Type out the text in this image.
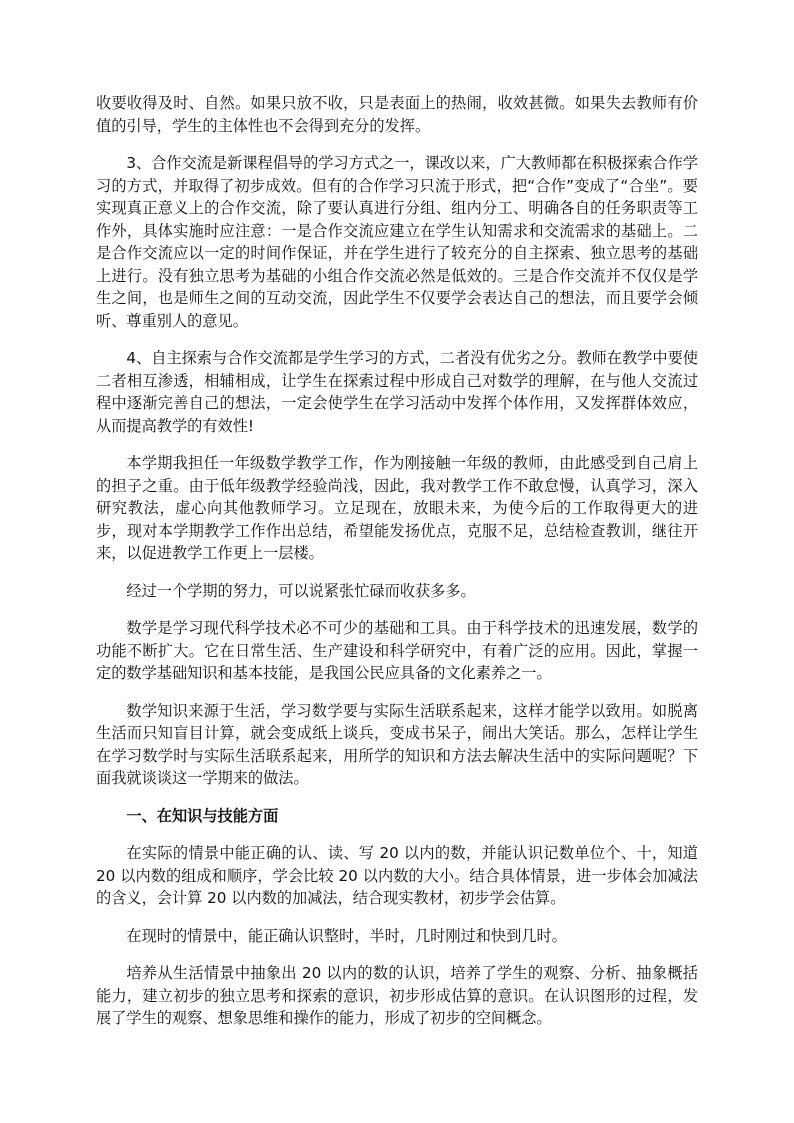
收要收得及时、自然。如果只放不收，只是表面上的热闹，收效甚微。如果失去教师有价值的引导，学生的主体性也不会得到充分的发挥。

3、合作交流是新课程倡导的学习方式之一，课改以来，广大教师都在积极探索合作学习的方式，并取得了初步成效。但有的合作学习只流于形式，把“合作”变成了“合坐”。要实现真正意义上的合作交流，除了要认真进行分组、组内分工、明确各自的任务职责等工作外，具体实施时应注意：一是合作交流应建立在学生认知需求和交流需求的基础上。二是合作交流应以一定的时间作保证，并在学生进行了较充分的自主探索、独立思考的基础上进行。没有独立思考为基础的小组合作交流必然是低效的。三是合作交流并不仅仅是学生之间，也是师生之间的互动交流，因此学生不仅要学会表达自己的想法，而且要学会倾听、尊重别人的意见。

4、自主探索与合作交流都是学生学习的方式，二者没有优劣之分。教师在教学中要使二者相互渗透，相辅相成，让学生在探索过程中形成自己对数学的理解，在与他人交流过程中逐渐完善自己的想法，一定会使学生在学习活动中发挥个体作用，又发挥群体效应，从而提高教学的有效性!

本学期我担任一年级数学教学工作，作为刚接触一年级的教师，由此感受到自己肩上的担子之重。由于低年级教学经验尚浅，因此，我对教学工作不敢怠慢，认真学习，深入研究教法，虚心向其他教师学习。立足现在，放眼未来，为使今后的工作取得更大的进步，现对本学期教学工作作出总结，希望能发扬优点，克服不足，总结检查教训，继往开来，以促进教学工作更上一层楼。

经过一个学期的努力，可以说紧张忙碌而收获多多。

数学是学习现代科学技术必不可少的基础和工具。由于科学技术的迅速发展，数学的功能不断扩大。它在日常生活、生产建设和科学研究中，有着广泛的应用。因此，掌握一定的数学基础知识和基本技能，是我国公民应具备的文化素养之一。

数学知识来源于生活，学习数学要与实际生活联系起来，这样才能学以致用。如脱离生活而只知盲目计算，就会变成纸上谈兵，变成书呆子，闹出大笑话。那么，怎样让学生在学习数学时与实际生活联系起来，用所学的知识和方法去解决生活中的实际问题呢？下面我就谈谈这一学期来的做法。

一、在知识与技能方面

在实际的情景中能正确的认、读、写 20 以内的数，并能认识记数单位个、十，知道 20 以内数的组成和顺序，学会比较 20 以内数的大小。结合具体情景，进一步体会加减法的含义，会计算 20 以内数的加减法，结合现实教材，初步学会估算。

在现时的情景中，能正确认识整时，半时，几时刚过和快到几时。

培养从生活情景中抽象出 20 以内的数的认识，培养了学生的观察、分析、抽象概括能力，建立初步的独立思考和探索的意识，初步形成估算的意识。在认识图形的过程，发展了学生的观察、想象思维和操作的能力，形成了初步的空间概念。
